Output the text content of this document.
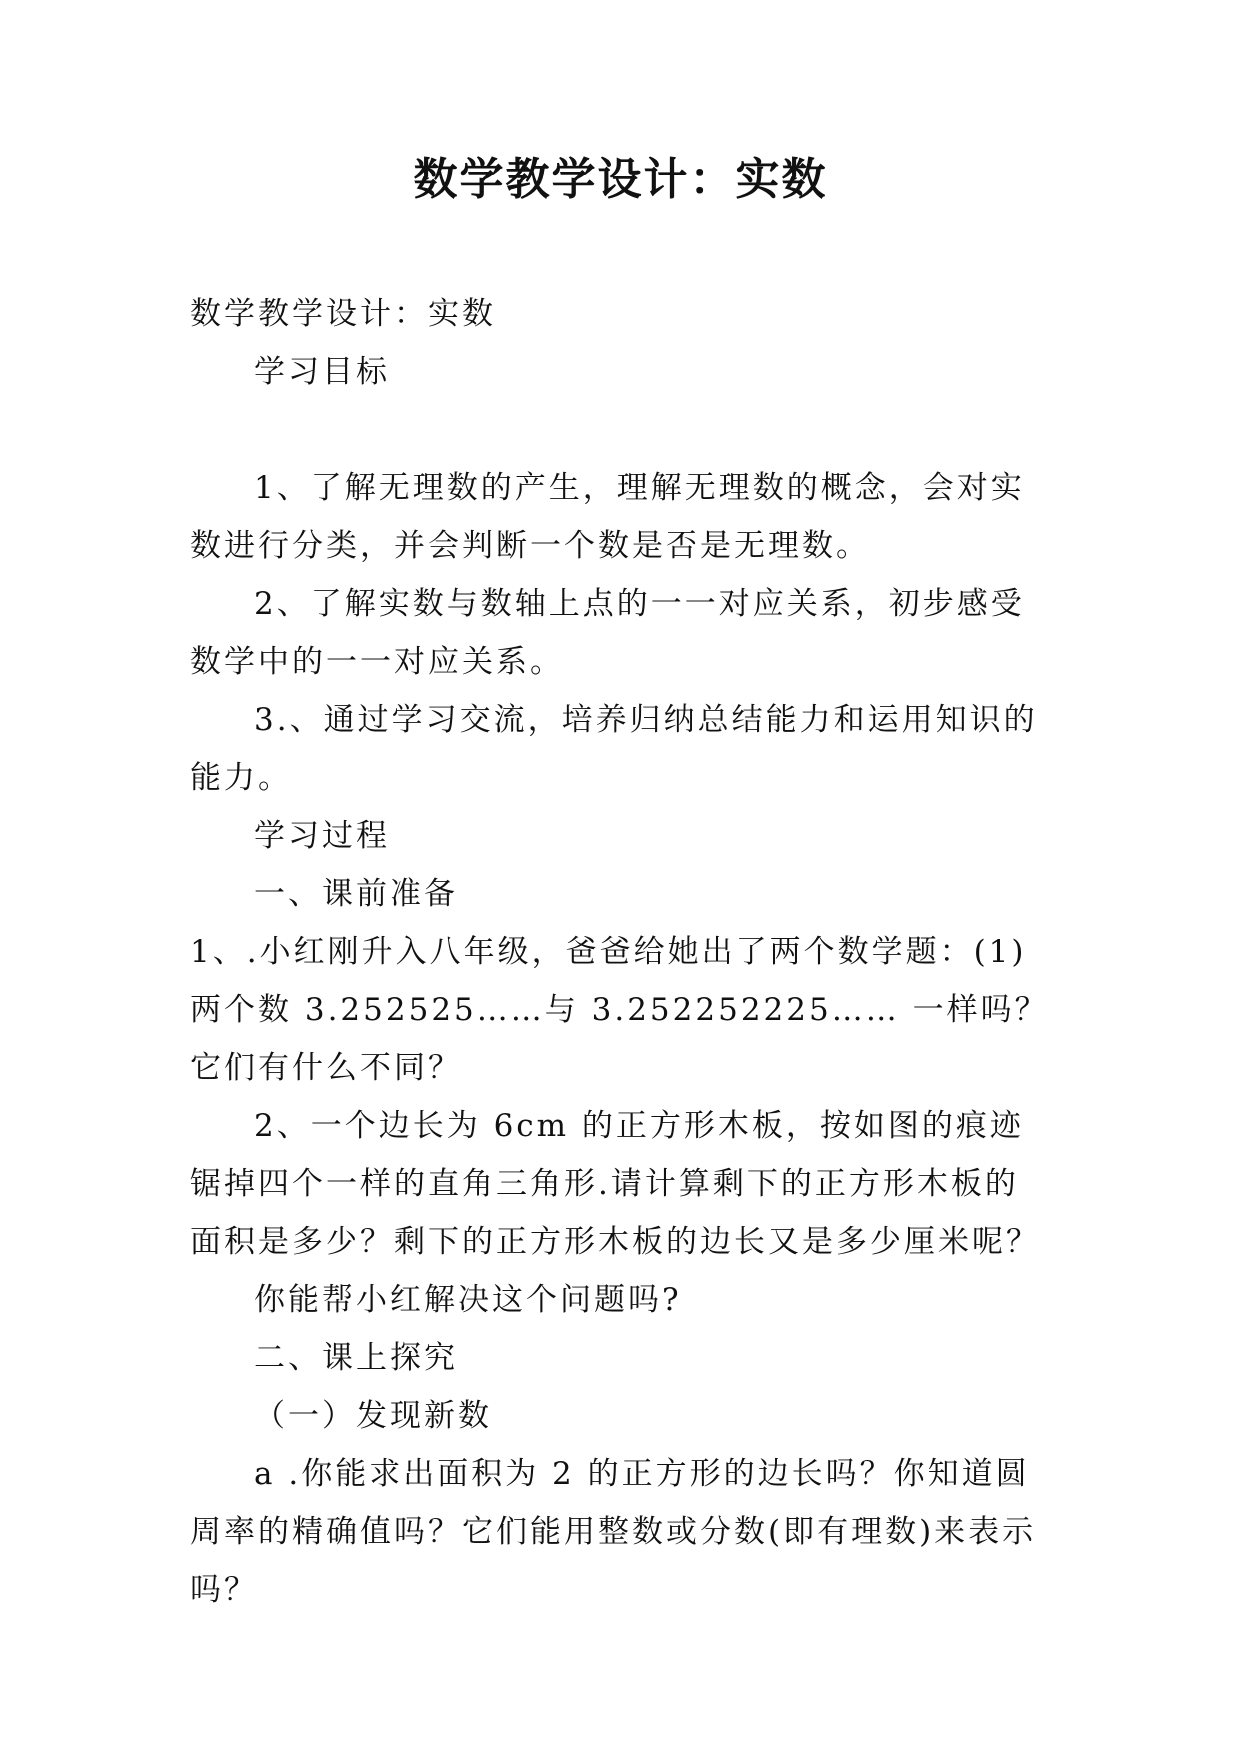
数学教学设计：实数

数学教学设计：实数

学习目标

1、了解无理数的产生，理解无理数的概念，会对实数进行分类，并会判断一个数是否是无理数。

2、了解实数与数轴上点的一一对应关系，初步感受数学中的一一对应关系。

3.、通过学习交流，培养归纳总结能力和运用知识的能力。

学习过程

一、课前准备

1、.小红刚升入八年级，爸爸给她出了两个数学题：(1) 两个数 3.252525……与 3.252252225…… 一样吗？它们有什么不同？

2、一个边长为 6cm 的正方形木板，按如图的痕迹锯掉四个一样的直角三角形.请计算剩下的正方形木板的面积是多少？剩下的正方形木板的边长又是多少厘米呢？

你能帮小红解决这个问题吗?

二、课上探究

（一）发现新数

a .你能求出面积为 2 的正方形的边长吗？你知道圆周率的精确值吗？它们能用整数或分数(即有理数)来表示吗？
